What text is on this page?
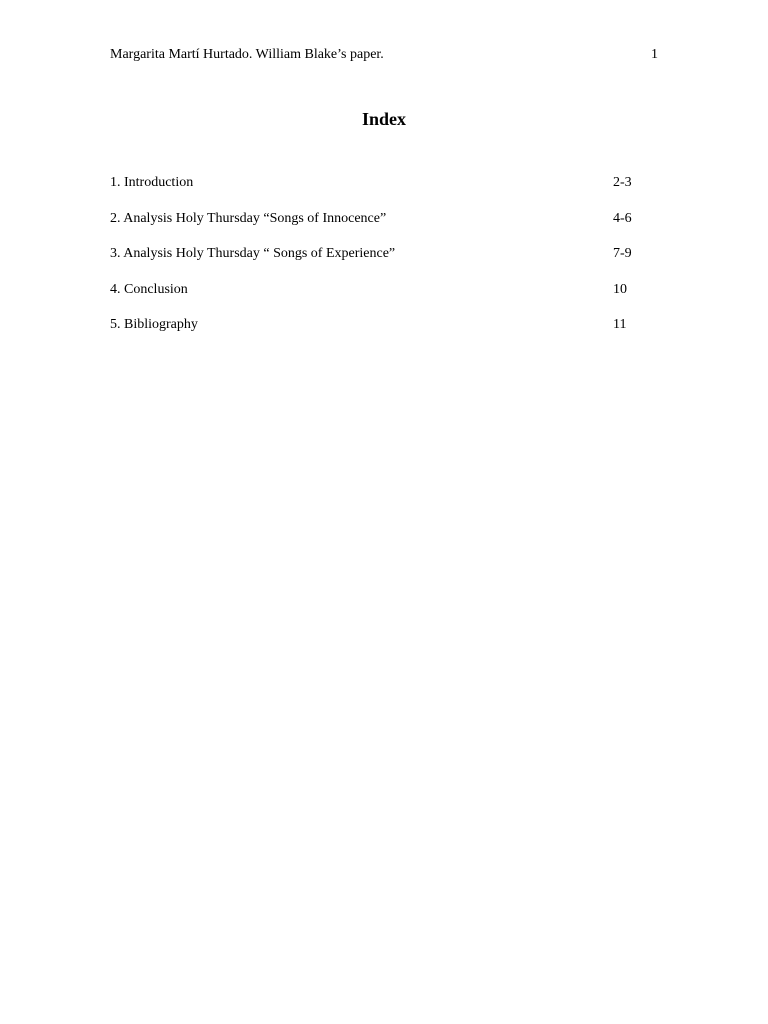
Margarita Martí Hurtado. William Blake’s paper.	1
Index
1. Introduction	2-3
2. Analysis Holy Thursday “Songs of Innocence”	4-6
3. Analysis Holy Thursday “ Songs of Experience”	7-9
4. Conclusion	10
5. Bibliography	11
